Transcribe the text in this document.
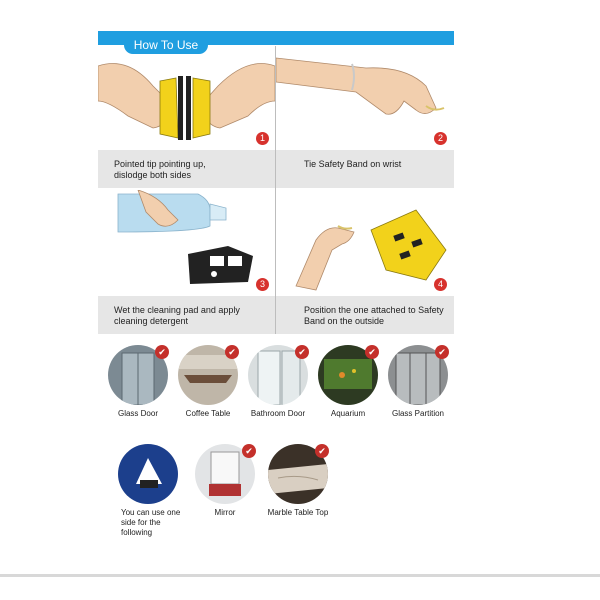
How To Use
1	2
Pointed tip pointing up, dislodge both sides
Tie Safety Band on wrist
3	4
Wet the cleaning pad and apply cleaning detergent
Position the one attached to Safety Band on the outside
✔
Glass Door
✔
Coffee Table
✔
Bathroom Door
✔
Aquarium
✔
Glass Partition
You can use one side for the following
✔
Mirror
✔
Marble Table Top
